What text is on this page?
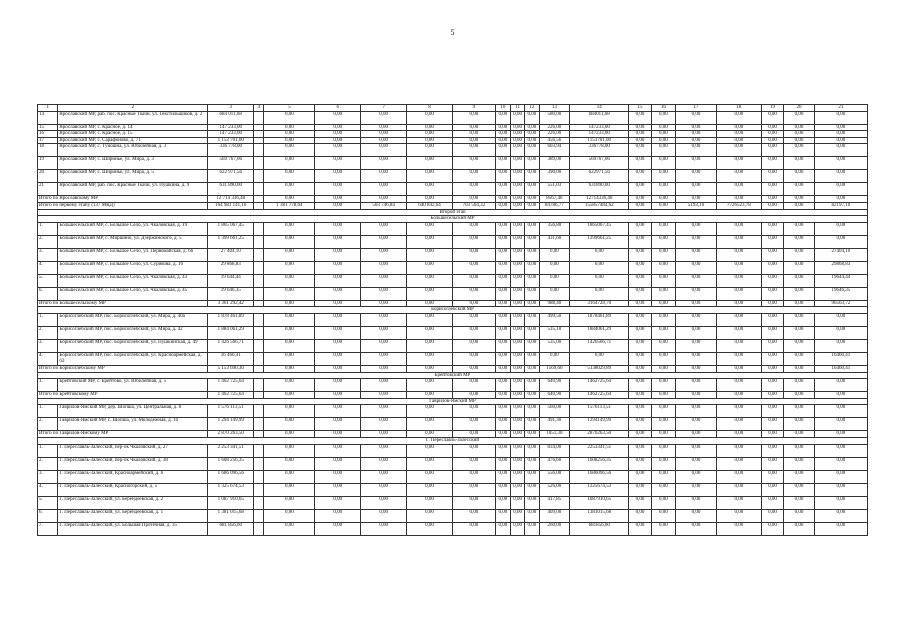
5
1	2	3	4	5	6	7	8	9	10	11	12	13	14	15	16	17	18	19	20	21
14	Ярославский МР, раб. пос. Красные Ткачи, ул. Текстильщиков, д. 2	684 011,68		0,00	0,00	0,00	0,00	0,00	0,00	0,00	0,00	580,00	684011,68	0,00	0,00	0,00	0,00	0,00	0,00	0,00
15	Ярославский МР, с. Красное, д. 14	147 233,00		0,00	0,00	0,00	0,00	0,00	0,00	0,00	0,00	226,00	147233,00	0,00	0,00	0,00	0,00	0,00	0,00	0,00
16	Ярославский МР, с. Красное, д. 15	147 233,00		0,00	0,00	0,00	0,00	0,00	0,00	0,00	0,00	226,00	147233,00	0,00	0,00	0,00	0,00	0,00	0,00	0,00
17	Ярославский МР, с. Сарафоново, д. 71	1 153 701,00		0,00	0,00	0,00	0,00	0,00	0,00	0,00	0,00	456,56	1153701,00	0,00	0,00	0,00	0,00	0,00	0,00	0,00
18	Ярославский МР, с. Туношна, ул. Юбилейная, д. 3	336 778,00		0,00	0,00	0,00	0,00	0,00	0,00	0,00	0,00	603,94	336778,00	0,00	0,00	0,00	0,00	0,00	0,00	0,00
19	Ярославский МР, с. Ширинье, ул. Мира, д. 3	569 767,06		0,00	0,00	0,00	0,00	0,00	0,00	0,00	0,00	389,00	569767,06	0,00	0,00	0,00	0,00	0,00	0,00	0,00
20	Ярославский МР, с. Ширинье, ул. Мира, д. 5	622 971,56		0,00	0,00	0,00	0,00	0,00	0,00	0,00	0,00	390,00	622971,56	0,00	0,00	0,00	0,00	0,00	0,00	0,00
21	Ярославский МР, раб. пос. Красные Ткачи, ул. Пушкина, д. 9	631 890,00		0,00	0,00	0,00	0,00	0,00	0,00	0,00	0,00	551,03	631890,00	0,00	0,00	0,00	0,00	0,00	0,00	0,00
Итого по Ярославскому МР		12 714 336,40		0,00	0,00	0,00	0,00	0,00	0,00	0,00	0,00	8567,46	12714336,40	0,00	0,00	0,00	0,00	0,00	0,00	0,00
Итого по первому этапу (137 МКД)		164 983 141,16		1 381 778,64	0,00	503 746,84	640 842,64	703 564,32	0,00	0,00	0,00	84786,77	155857484,62	0,00	0,00	5193,10	7726523,78	0,00	0,00	82197,10
Второй этап																				
Большесельский МР																				
1.	Большесельский МР, с. Большое Село, ул. Чкаловская, д. 19	1 865 067,45		0,00	0,00	0,00	0,00	0,00	0,00	0,00	0,00	356,80	1865067,45	0,00	0,00	0,00	0,00	0,00	0,00	0,00
2.	Большесельский МР, с. Миршино, ул. Дзержинского, д. 5	1 399 661,25		0,00	0,00	0,00	0,00	0,00	0,00	0,00	0,00	431,60	1399661,25	0,00	0,00	0,00	0,00	0,00	0,00	0,00
3.	Большесельский МР, с. Большое Село, ул. Первомайская, д. 66	27 404,10		0,00	0,00	0,00	0,00	0,00	0,00	0,00	0,00	0,00	0,00	0,00	0,00	0,00	0,00	0,00	0,00	27404,10
4.	Большесельский МР, с. Большое Село, ул. Суриковa, д. 16	29 868,83		0,00	0,00	0,00	0,00	0,00	0,00	0,00	0,00	0,00	0,00	0,00	0,00	0,00	0,00	0,00	0,00	29868,83
5.	Большесельский МР, с. Большое Село, ул. Чкаловская, д. 43	19 644,44		0,00	0,00	0,00	0,00	0,00	0,00	0,00	0,00	0,00	0,00	0,00	0,00	0,00	0,00	0,00	0,00	19644,44
6.	Большесельский МР, с. Большое Село, ул. Чкаловская, д. 45	19 646,35		0,00	0,00	0,00	0,00	0,00	0,00	0,00	0,00	0,00	0,00	0,00	0,00	0,00	0,00	0,00	0,00	19646,35
Итого по Большесельскому МР		3 361 292,42		0,00	0,00	0,00	0,00	0,00	0,00	0,00	0,00	988,40	3164728,70	0,00	0,00	0,00	0,00	0,00	0,00	96563,72
Борисоглебский МР																				
1.	Борисоглебский МР, пос. Борисоглебский, ул. Мира, д. 40а	1 878 461,89		0,00	0,00	0,00	0,00	0,00	0,00	0,00	0,00	499,50	1878461,89	0,00	0,00	0,00	0,00	0,00	0,00	0,00
2.	Борисоглебский МР, пос. Борисоглебский, ул. Мира, д. 42	1 884 061,29		0,00	0,00	0,00	0,00	0,00	0,00	0,00	0,00	535,10	1884061,29	0,00	0,00	0,00	0,00	0,00	0,00	0,00
3.	Борисоглебский МР, пос. Борисоглебский, ул. Пушкинская, д. 49	1 426 566,71		0,00	0,00	0,00	0,00	0,00	0,00	0,00	0,00	535,00	1426566,71	0,00	0,00	0,00	0,00	0,00	0,00	0,00
4.	Борисоглебский МР, пос. Борисоглебский, ул. Красноармейская, д. 63	16 460,41		0,00	0,00	0,00	0,00	0,00	0,00	0,00	0,00	0,00	0,00	0,00	0,00	0,00	0,00	0,00	0,00	16460,41
Итого по Борисоглебскому МР		5 153 690,30		0,00	0,00	0,00	0,00	0,00	0,00	0,00	0,00	1569,60	5138029,89	0,00	0,00	0,00	0,00	0,00	0,00	16460,41
Брейтовский МР																				
1.	Брейтовский МР, с. Брейтово, ул. Юбилейная, д. 5	1 462 725,64		0,00	0,00	0,00	0,00	0,00	0,00	0,00	0,00	640,90	1462725,64	0,00	0,00	0,00	0,00	0,00	0,00	0,00
Итого по Брейтовскому МР		1 462 725,64		0,00	0,00	0,00	0,00	0,00	0,00	0,00	0,00	640,90	1462725,64	0,00	0,00	0,00	0,00	0,00	0,00	0,00
Гаврилов-Ямский МР																				
1.	Гаврилов-Ямский МР, дер. Шопшa, ул. Центральная, д. 8	1 576 113,51		0,00	0,00	0,00	0,00	0,00	0,00	0,00	0,00	560,00	1576113,51	0,00	0,00	0,00	0,00	0,00	0,00	0,00
2.	Гаврилов-Ямский МР, с. Шопша, ул. Молодежная, д. 10	1 294 149,99		0,00	0,00	0,00	0,00	0,00	0,00	0,00	0,00	491,30	1294149,99	0,00	0,00	0,00	0,00	0,00	0,00	0,00
Итого по Гаврилов-Ямскому МР		2 870 263,50		0,00	0,00	0,00	0,00	0,00	0,00	0,00	0,00	1051,30	2870263,50	0,00	0,00	0,00	0,00	0,00	0,00	0,00
Г. Переславль-Залесский																				
1.	Г. Переславль-Залесский, пер-ок Чкаловский, д. 27	2 253 341,51		0,00	0,00	0,00	0,00	0,00	0,00	0,00	0,00	834,00	2253341,51	0,00	0,00	0,00	0,00	0,00	0,00	0,00
2.	Г. Переславль-Залесский, пер-ок Чкаловский, д. 38	1 608 256,35		0,00	0,00	0,00	0,00	0,00	0,00	0,00	0,00	476,60	1608256,35	0,00	0,00	0,00	0,00	0,00	0,00	0,00
3.	Г. Переславль-Залесский, Красноармейский, д. 6	1 686 096,56		0,00	0,00	0,00	0,00	0,00	0,00	0,00	0,00	556,00	1686096,56	0,00	0,00	0,00	0,00	0,00	0,00	0,00
4.	Г. Переславль-Залесский, Красногорский, д. 5	1 325 674,53		0,00	0,00	0,00	0,00	0,00	0,00	0,00	0,00	526,00	1325674,53	0,00	0,00	0,00	0,00	0,00	0,00	0,00
5.	Г. Переславль-Залесский, ул. Берендеевская, д. 2	1 087 910,65		0,00	0,00	0,00	0,00	0,00	0,00	0,00	0,00	417,85	1087910,65	0,00	0,00	0,00	0,00	0,00	0,00	0,00
6.	Г. Переславль-Залесский, ул. Берендеевская, д. 1	1 381 015,68		0,00	0,00	0,00	0,00	0,00	0,00	0,00	0,00	409,00	1381015,68	0,00	0,00	0,00	0,00	0,00	0,00	0,00
7.	Г. Переславль-Залесский, ул. Большая Протечная, д. 35	681 856,60		0,00	0,00	0,00	0,00	0,00	0,00	0,00	0,00	260,00	681856,60	0,00	0,00	0,00	0,00	0,00	0,00	0,00
